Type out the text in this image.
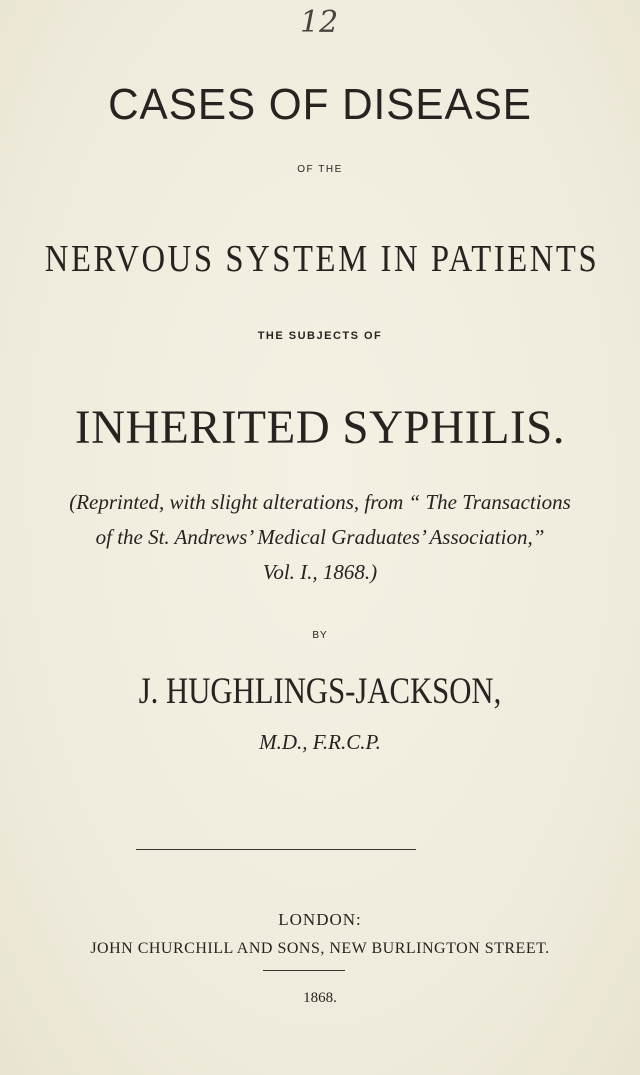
12
CASES OF DISEASE
OF THE
NERVOUS SYSTEM IN PATIENTS
THE SUBJECTS OF
INHERITED SYPHILIS.
(Reprinted, with slight alterations, from “ The Transactions
of the St. Andrews’ Medical Graduates’ Association,”
Vol. I., 1868.)
BY
J. HUGHLINGS-JACKSON,
M.D., F.R.C.P.
LONDON:
JOHN CHURCHILL AND SONS, NEW BURLINGTON STREET.
1868.
